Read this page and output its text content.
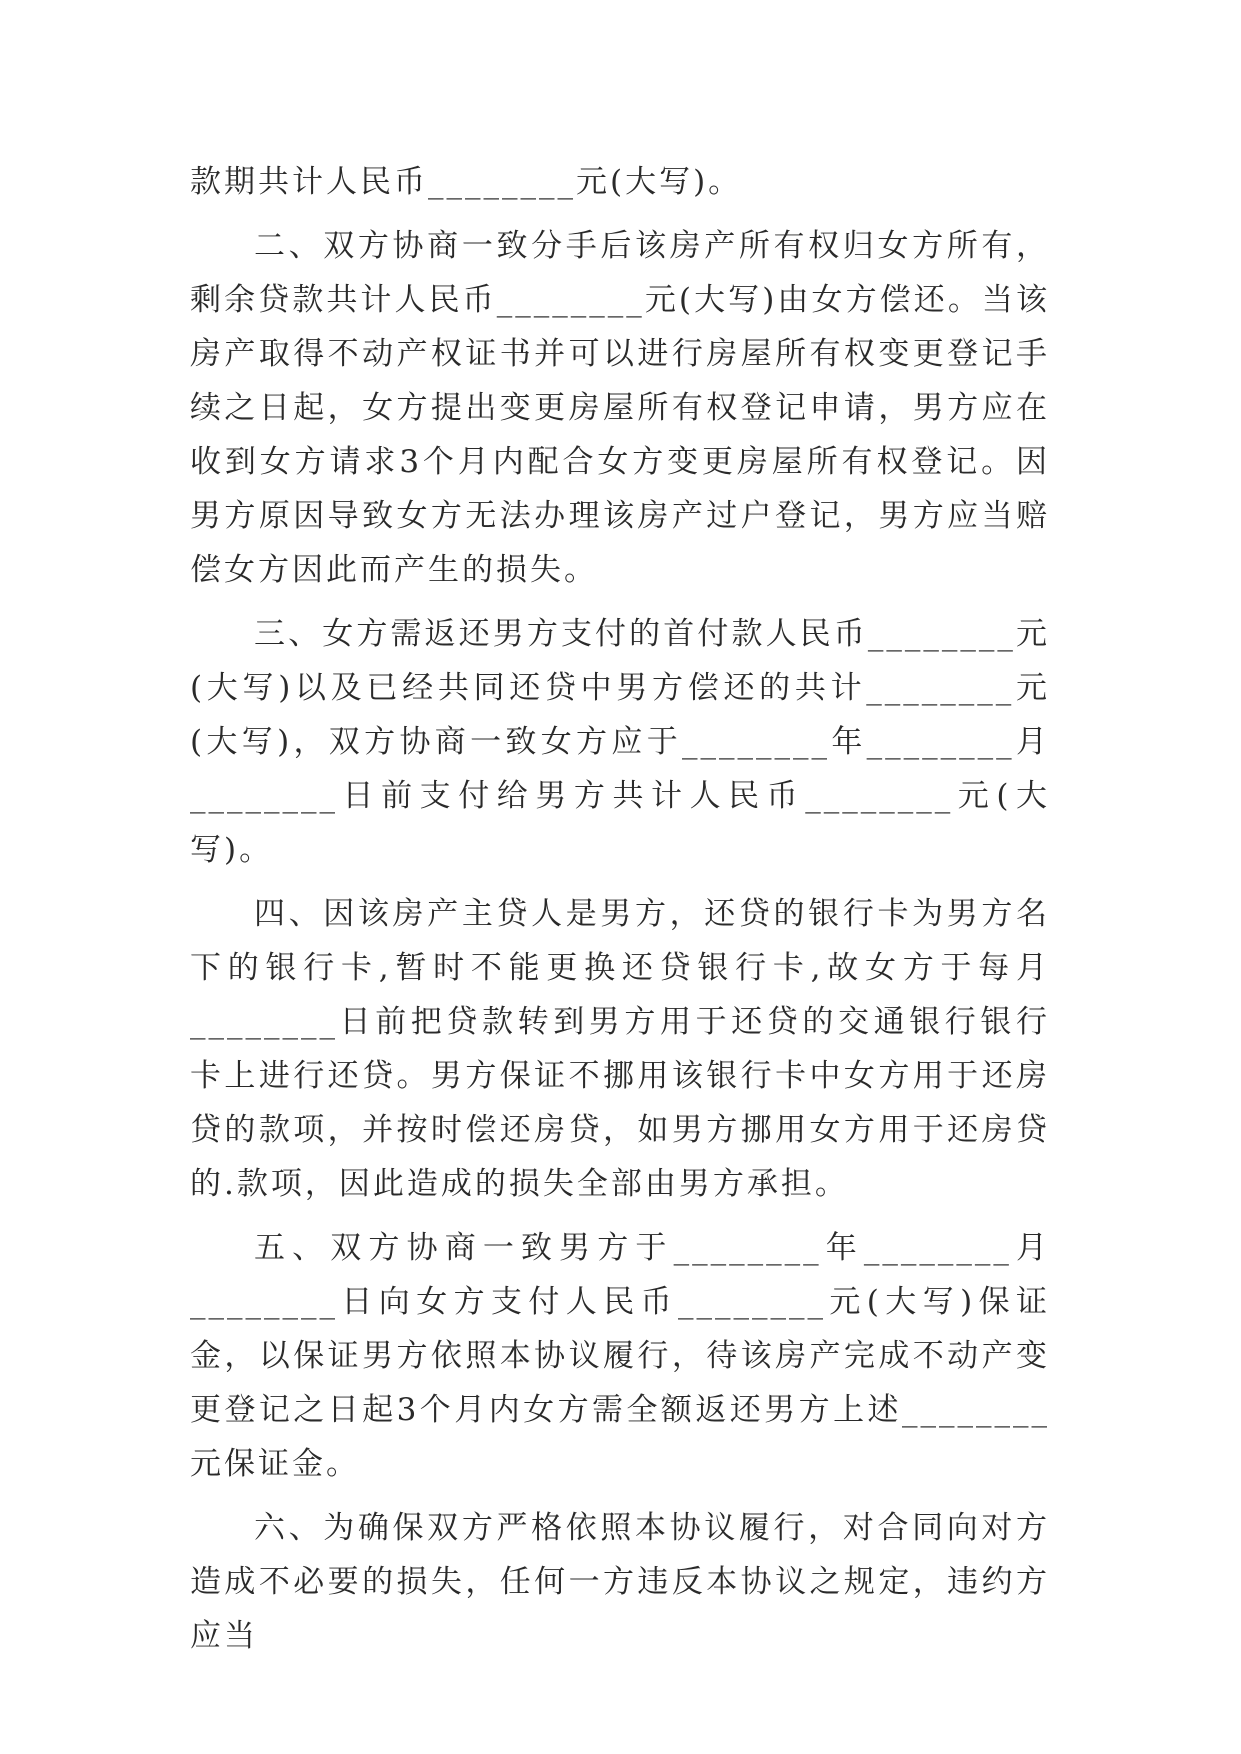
款期共计人民币________元(大写)。

二、双方协商一致分手后该房产所有权归女方所有，剩余贷款共计人民币________元(大写)由女方偿还。当该房产取得不动产权证书并可以进行房屋所有权变更登记手续之日起，女方提出变更房屋所有权登记申请，男方应在收到女方请求3个月内配合女方变更房屋所有权登记。因男方原因导致女方无法办理该房产过户登记，男方应当赔偿女方因此而产生的损失。

三、女方需返还男方支付的首付款人民币________元(大写)以及已经共同还贷中男方偿还的共计________元(大写)，双方协商一致女方应于________年________月________日前支付给男方共计人民币________元(大写)。

四、因该房产主贷人是男方，还贷的银行卡为男方名下的银行卡,暂时不能更换还贷银行卡,故女方于每月________日前把贷款转到男方用于还贷的交通银行银行卡上进行还贷。男方保证不挪用该银行卡中女方用于还房贷的款项，并按时偿还房贷，如男方挪用女方用于还房贷的.款项，因此造成的损失全部由男方承担。

五、双方协商一致男方于________年________月________日向女方支付人民币________元(大写)保证金，以保证男方依照本协议履行，待该房产完成不动产变更登记之日起3个月内女方需全额返还男方上述________元保证金。

六、为确保双方严格依照本协议履行，对合同向对方造成不必要的损失，任何一方违反本协议之规定，违约方应当
